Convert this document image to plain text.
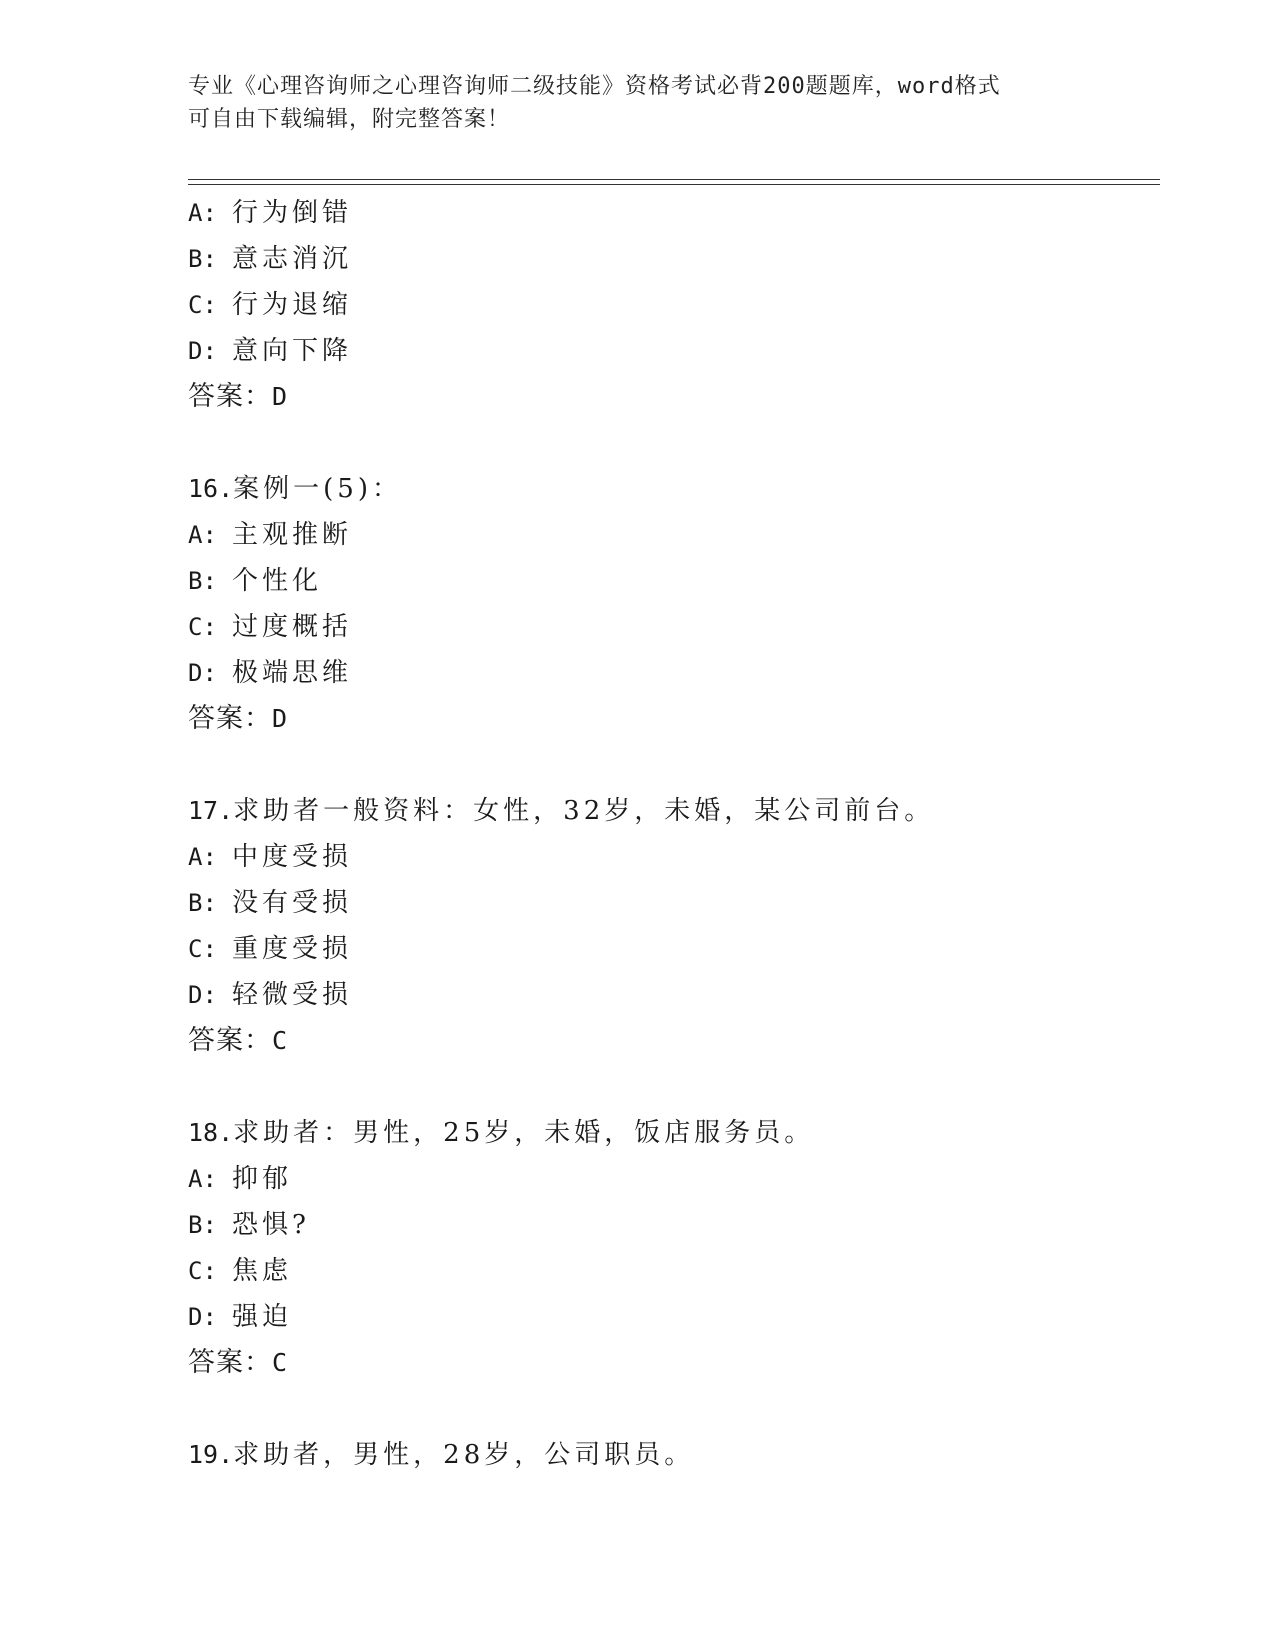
专业《心理咨询师之心理咨询师二级技能》资格考试必背200题题库，word格式
可自由下载编辑，附完整答案！
A: 行为倒错
B: 意志消沉
C: 行为退缩
D: 意向下降
答案：D
16.案例一(5)：
A: 主观推断
B: 个性化
C: 过度概括
D: 极端思维
答案：D
17.求助者一般资料：女性，32岁，未婚，某公司前台。
A: 中度受损
B: 没有受损
C: 重度受损
D: 轻微受损
答案：C
18.求助者：男性，25岁，未婚，饭店服务员。
A: 抑郁
B: 恐惧?
C: 焦虑
D: 强迫
答案：C
19.求助者，男性，28岁，公司职员。
